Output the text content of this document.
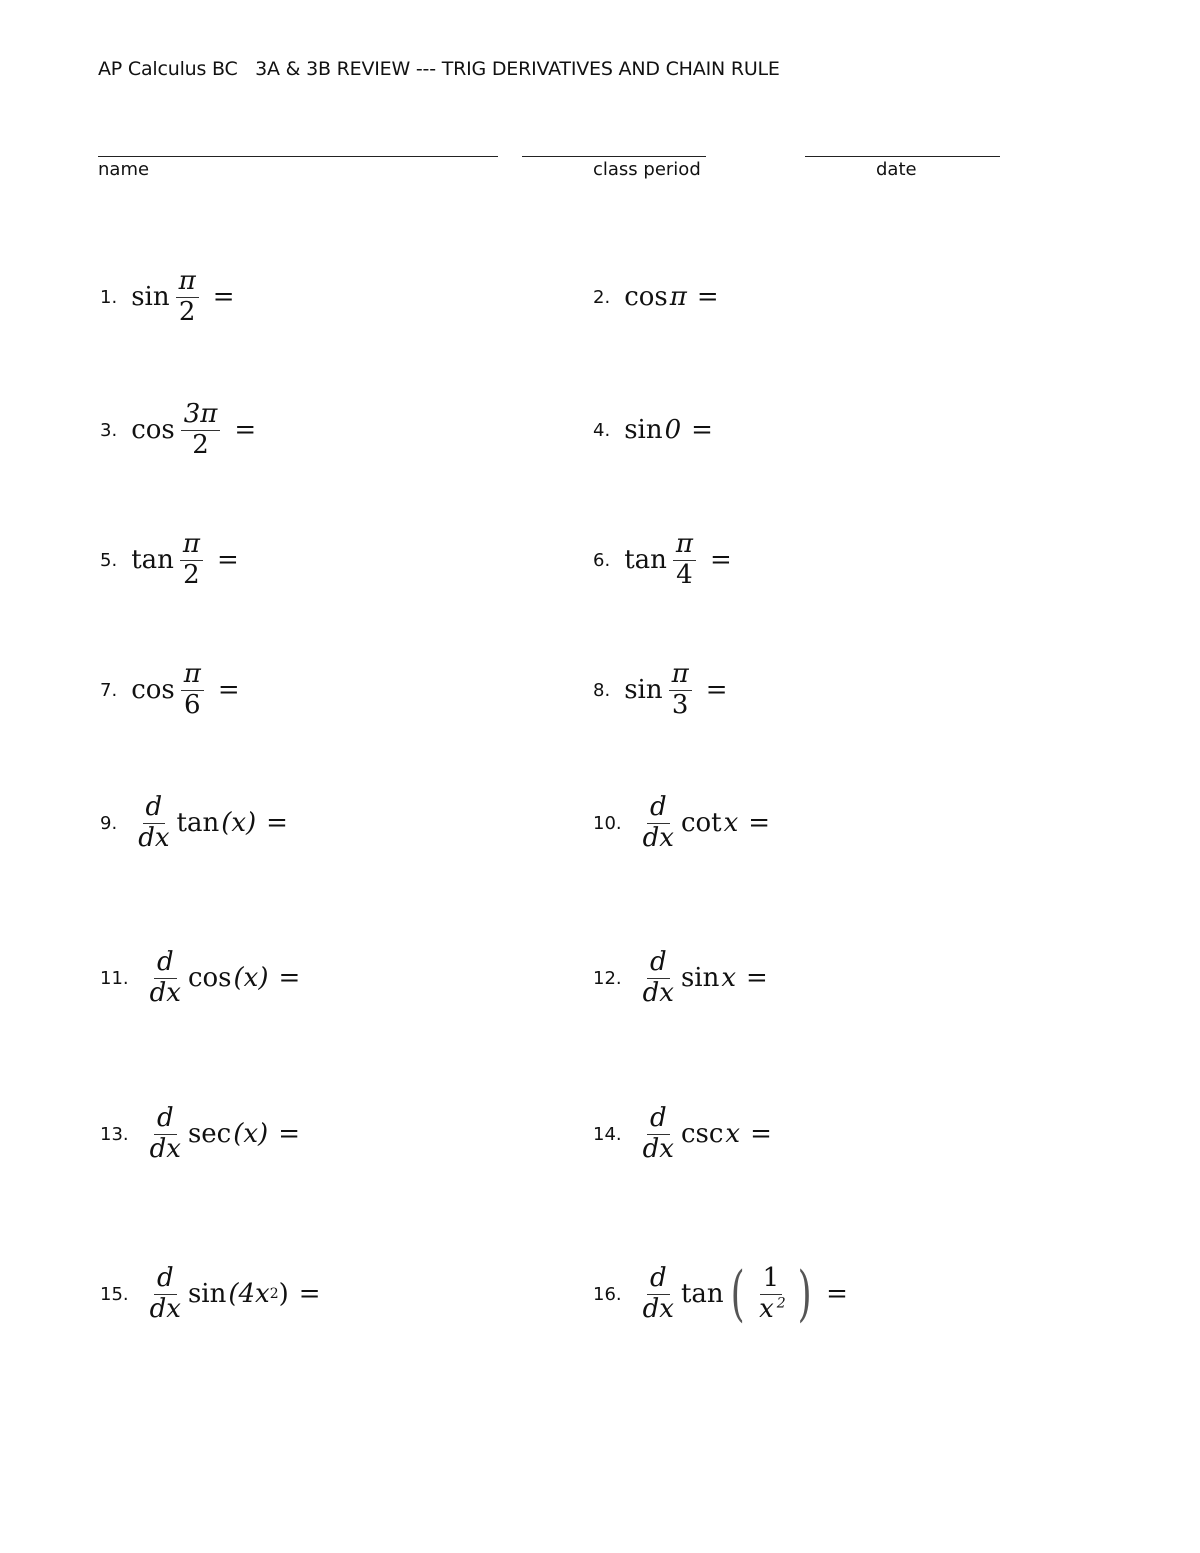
AP Calculus BC   3A & 3B REVIEW --- TRIG DERIVATIVES AND CHAIN RULE
name	class period	date
1. $\sin \frac{\pi}{2}$ =	2. cos π =
3. $\cos \frac{3\pi}{2}$ =	4. sin 0 =
5. $\tan \frac{\pi}{2}$ =	6. $\tan \frac{\pi}{4}$ =
7. $\cos \frac{\pi}{6}$ =	8. $\sin \frac{\pi}{3}$ =
9. $\frac{d}{dx}$ tan (x) =	10. $\frac{d}{dx}$ cot x =
11. $\frac{d}{dx}$ cos (x) =	12. $\frac{d}{dx}$ sin x =
13. $\frac{d}{dx}$ sec (x) =	14. $\frac{d}{dx}$ csc x =
15. $\frac{d}{dx}$ sin (4x 2 ) =	16. $\frac{d}{dx}$ tan ( $\frac{1}{x ^2}$ ) =
